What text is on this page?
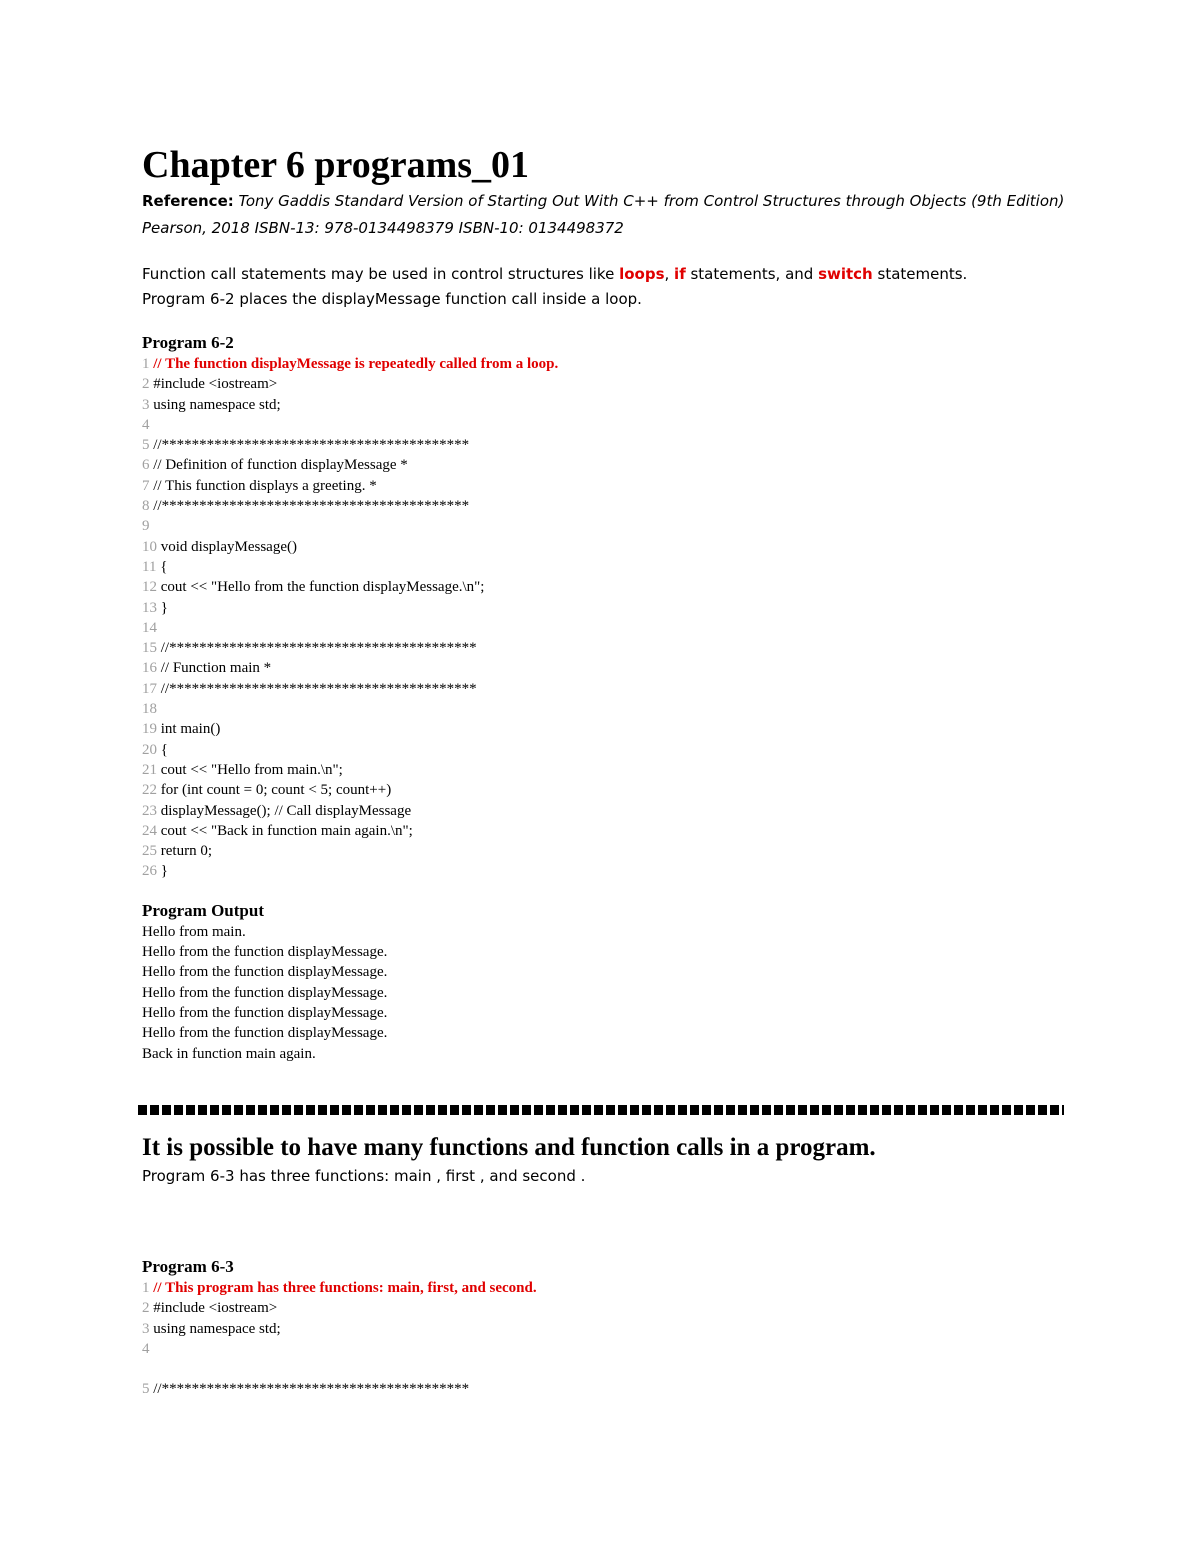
Chapter 6 programs_01

Reference: Tony Gaddis Standard Version of Starting Out With C++ from Control Structures through Objects (9th Edition) Pearson, 2018 ISBN-13: 978-0134498379 ISBN-10: 0134498372

Function call statements may be used in control structures like loops, if statements, and switch statements.
Program 6-2 places the displayMessage function call inside a loop.

Program 6-2

1 // The function displayMessage is repeatedly called from a loop.
2 #include <iostream>
3 using namespace std;
4
5 //*****************************************
6 // Definition of function displayMessage *
7 // This function displays a greeting. *
8 //*****************************************
9
10 void displayMessage()
11 {
12 cout << "Hello from the function displayMessage.\n";
13 }
14
15 //*****************************************
16 // Function main *
17 //*****************************************
18
19 int main()
20 {
21 cout << "Hello from main.\n";
22 for (int count = 0; count < 5; count++)
23 displayMessage(); // Call displayMessage
24 cout << "Back in function main again.\n";
25 return 0;
26 }

Program Output

Hello from main.
Hello from the function displayMessage.
Hello from the function displayMessage.
Hello from the function displayMessage.
Hello from the function displayMessage.
Hello from the function displayMessage.
Back in function main again.
It is possible to have many functions and function calls in a program.

Program 6-3 has three functions: main , first , and second .

Program 6-3

1 // This program has three functions: main, first, and second.
2 #include <iostream>
3 using namespace std;
4
5 //*****************************************
